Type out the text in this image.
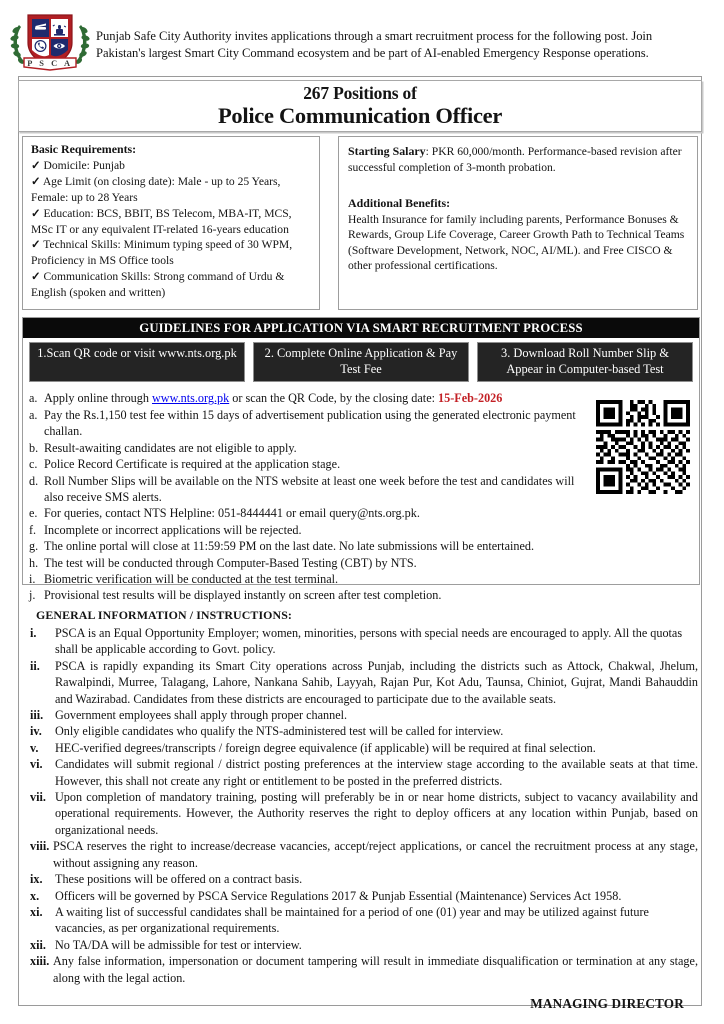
P S C A
Punjab Safe City Authority invites applications through a smart recruitment process for the following post. Join Pakistan's largest Smart City Command ecosystem and be part of AI-enabled Emergency Response operations.
267 Positions of
Police Communication Officer
Basic Requirements:
✓ Domicile: Punjab
✓ Age Limit (on closing date): Male - up to 25 Years, Female: up to 28 Years
✓ Education: BCS, BBIT, BS Telecom, MBA-IT, MCS, MSc IT or any equivalent IT-related 16-years education
✓ Technical Skills: Minimum typing speed of 30 WPM, Proficiency in MS Office tools
✓ Communication Skills: Strong command of Urdu & English (spoken and written)
Starting Salary: PKR 60,000/month. Performance-based revision after successful completion of 3-month probation.
Additional Benefits:
Health Insurance for family including parents, Performance Bonuses & Rewards, Group Life Coverage, Career Growth Path to Technical Teams (Software Development, Network, NOC, AI/ML). and Free CISCO & other professional certifications.
GUIDELINES FOR APPLICATION VIA SMART RECRUITMENT PROCESS
1.Scan QR code or visit www.nts.org.pk	2. Complete Online Application & Pay Test Fee
3. Download Roll Number Slip & Appear in Computer-based Test
a. Apply online through www.nts.org.pk or scan the QR Code, by the closing date: 15-Feb-2026
a. Pay the Rs.1,150 test fee within 15 days of advertisement publication using the generated electronic payment challan.
b. Result-awaiting candidates are not eligible to apply.
c. Police Record Certificate is required at the application stage.
d. Roll Number Slips will be available on the NTS website at least one week before the test and candidates will also receive SMS alerts.
e. For queries, contact NTS Helpline: 051-8444441 or email query@nts.org.pk.
f. Incomplete or incorrect applications will be rejected.
g. The online portal will close at 11:59:59 PM on the last date. No late submissions will be entertained.
h. The test will be conducted through Computer-Based Testing (CBT) by NTS.
i. Biometric verification will be conducted at the test terminal.
j. Provisional test results will be displayed instantly on screen after test completion.
GENERAL INFORMATION / INSTRUCTIONS:
i.	PSCA is an Equal Opportunity Employer; women, minorities, persons with special needs are encouraged to apply. All the quotas shall be applicable according to Govt. policy.
ii.	PSCA is rapidly expanding its Smart City operations across Punjab, including the districts such as Attock, Chakwal, Jhelum, Rawalpindi, Murree, Talagang, Lahore, Nankana Sahib, Layyah, Rajan Pur, Kot Adu, Taunsa, Chiniot, Gujrat, Mandi Bahauddin and Wazirabad. Candidates from these districts are encouraged to participate due to the available seats.
iii. Government employees shall apply through proper channel.
iv.	Only eligible candidates who qualify the NTS-administered test will be called for interview.
v.	HEC-verified degrees/transcripts / foreign degree equivalence (if applicable) will be required at final selection.
vi.	Candidates will submit regional / district posting preferences at the interview stage according to the available seats at that time. However, this shall not create any right or entitlement to be posted in the preferred districts.
vii. Upon completion of mandatory training, posting will preferably be in or near home districts, subject to vacancy availability and operational requirements. However, the Authority reserves the right to deploy officers at any location within Punjab, based on organizational needs.
viii. PSCA reserves the right to increase/decrease vacancies, accept/reject applications, or cancel the recruitment process at any stage, without assigning any reason.
ix.	These positions will be offered on a contract basis.
x.	Officers will be governed by PSCA Service Regulations 2017 & Punjab Essential (Maintenance) Services Act 1958.
xi.	A waiting list of successful candidates shall be maintained for a period of one (01) year and may be utilized against future vacancies, as per organizational requirements.
xii. No TA/DA will be admissible for test or interview.
xiii. Any false information, impersonation or document tampering will result in immediate disqualification or termination at any stage, along with the legal action.
MANAGING DIRECTOR
